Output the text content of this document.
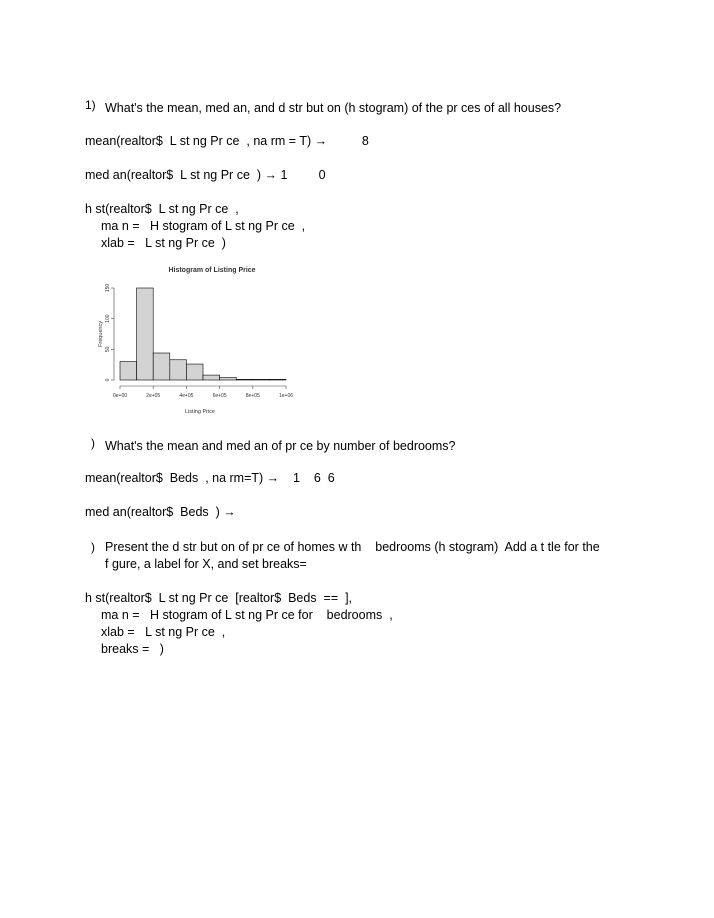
1) What's the mean, med an, and d str but on (h stogram) of the pr ces of all houses?
mean(realtor$  L st ng Pr ce  , na rm = T) →          8
med an(realtor$  L st ng Pr ce  ) → 1         0
h st(realtor$  L st ng Pr ce  ,
ma n =   H stogram of L st ng Pr ce  ,
xlab =   L st ng Pr ce  )
Histogram of Listing Price
Frequency
Listing Price
0e+00	2e+05	4e+05	6e+05	8e+05	1e+06
0
50
100
150
) What's the mean and med an of pr ce by number of bedrooms?
mean(realtor$  Beds  , na rm=T) →    1    6  6
med an(realtor$  Beds  ) →
) Present the d str but on of pr ce of homes w th    bedrooms (h stogram)  Add a t tle for the
f gure, a label for X, and set breaks=
h st(realtor$  L st ng Pr ce  [realtor$  Beds  ==  ],
ma n =   H stogram of L st ng Pr ce for    bedrooms  ,
xlab =   L st ng Pr ce  ,
breaks =   )
